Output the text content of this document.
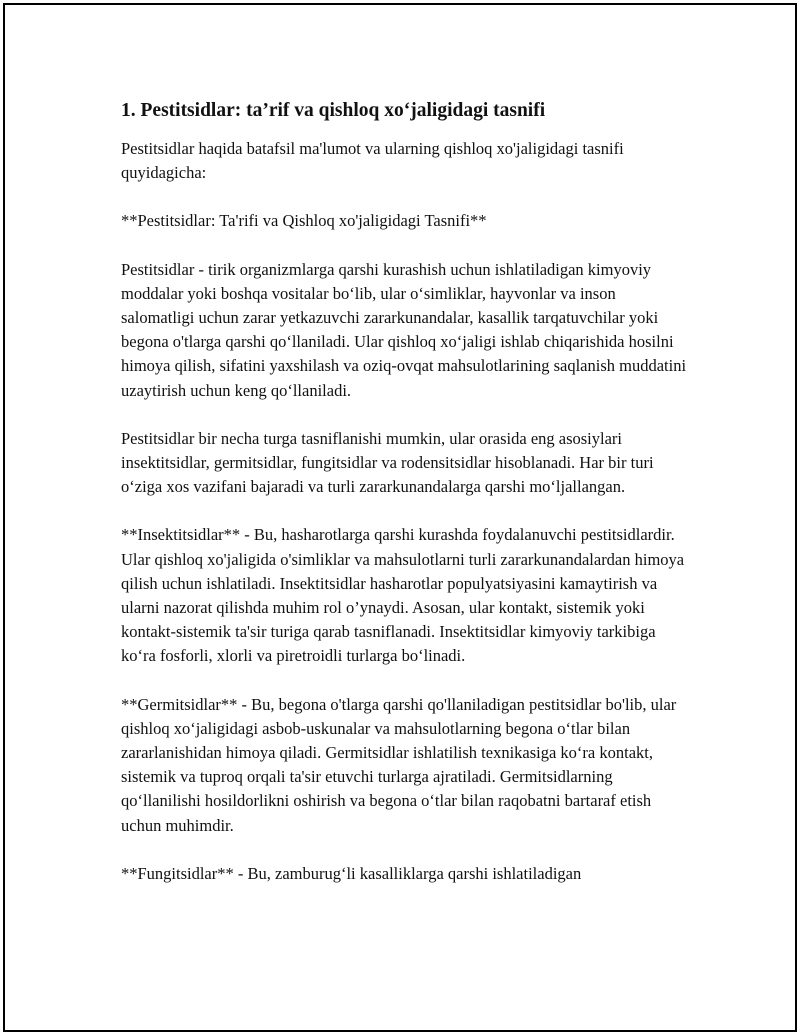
1. Pestitsidlar: ta’rif va qishloq xoʻjaligidagi tasnifi

Pestitsidlar haqida batafsil ma'lumot va ularning qishloq xo'jaligidagi tasnifi quyidagicha:

**Pestitsidlar: Ta'rifi va Qishloq xo'jaligidagi Tasnifi**

Pestitsidlar - tirik organizmlarga qarshi kurashish uchun ishlatiladigan kimyoviy moddalar yoki boshqa vositalar boʻlib, ular oʻsimliklar, hayvonlar va inson salomatligi uchun zarar yetkazuvchi zararkunandalar, kasallik tarqatuvchilar yoki begona o'tlarga qarshi qoʻllaniladi. Ular qishloq xoʻjaligi ishlab chiqarishida hosilni himoya qilish, sifatini yaxshilash va oziq-ovqat mahsulotlarining saqlanish muddatini uzaytirish uchun keng qoʻllaniladi.

Pestitsidlar bir necha turga tasniflanishi mumkin, ular orasida eng asosiylari insektitsidlar, germitsidlar, fungitsidlar va rodensitsidlar hisoblanadi. Har bir turi oʻziga xos vazifani bajaradi va turli zararkunandalarga qarshi moʻljallangan.

**Insektitsidlar** - Bu, hasharotlarga qarshi kurashda foydalanuvchi pestitsidlardir. Ular qishloq xo'jaligida o'simliklar va mahsulotlarni turli zararkunandalardan himoya qilish uchun ishlatiladi. Insektitsidlar hasharotlar populyatsiyasini kamaytirish va ularni nazorat qilishda muhim rol o’ynaydi. Asosan, ular kontakt, sistemik yoki kontakt-sistemik ta'sir turiga qarab tasniflanadi. Insektitsidlar kimyoviy tarkibiga koʻra fosforli, xlorli va piretroidli turlarga boʻlinadi.

**Germitsidlar** - Bu, begona o'tlarga qarshi qo'llaniladigan pestitsidlar bo'lib, ular qishloq xoʻjaligidagi asbob-uskunalar va mahsulotlarning begona oʻtlar bilan zararlanishidan himoya qiladi. Germitsidlar ishlatilish texnikasiga koʻra kontakt, sistemik va tuproq orqali ta'sir etuvchi turlarga ajratiladi. Germitsidlarning qoʻllanilishi hosildorlikni oshirish va begona oʻtlar bilan raqobatni bartaraf etish uchun muhimdir.

**Fungitsidlar** - Bu, zamburugʻli kasalliklarga qarshi ishlatiladigan
